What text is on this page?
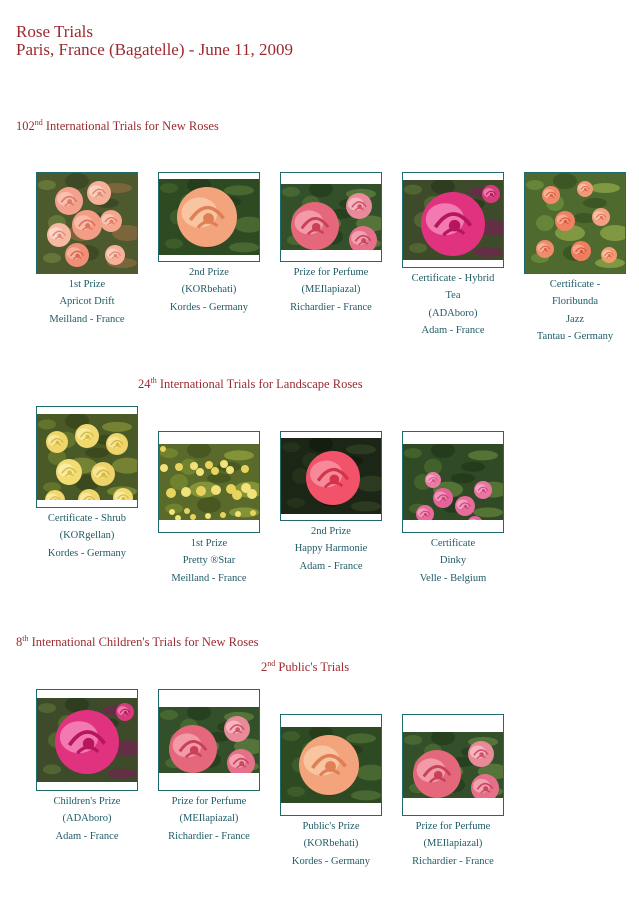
Rose Trials
Paris, France (Bagatelle) - June 11, 2009
102nd International Trials for New Roses
24th International Trials for Landscape Roses
8th International Children's Trials for New Roses
2nd Public's Trials
1st Prize
Apricot Drift
Meilland - France
2nd Prize
(KORbehati)
Kordes - Germany
Prize for Perfume
(MEIlapiazal)
Richardier - France
Certificate - Hybrid
Tea
(ADAboro)
Adam - France
Certificate -
Floribunda
Jazz
Tantau - Germany
Certificate - Shrub
(KORgellan)
Kordes - Germany
1st Prize
Pretty ®Star
Meilland - France
2nd Prize
Happy Harmonie
Adam - France
Certificate
Dinky
Velle - Belgium
Children's Prize
(ADAboro)
Adam - France
Prize for Perfume
(MEIlapiazal)
Richardier - France
Public's Prize
(KORbehati)
Kordes - Germany
Prize for Perfume
(MEIlapiazal)
Richardier - France
